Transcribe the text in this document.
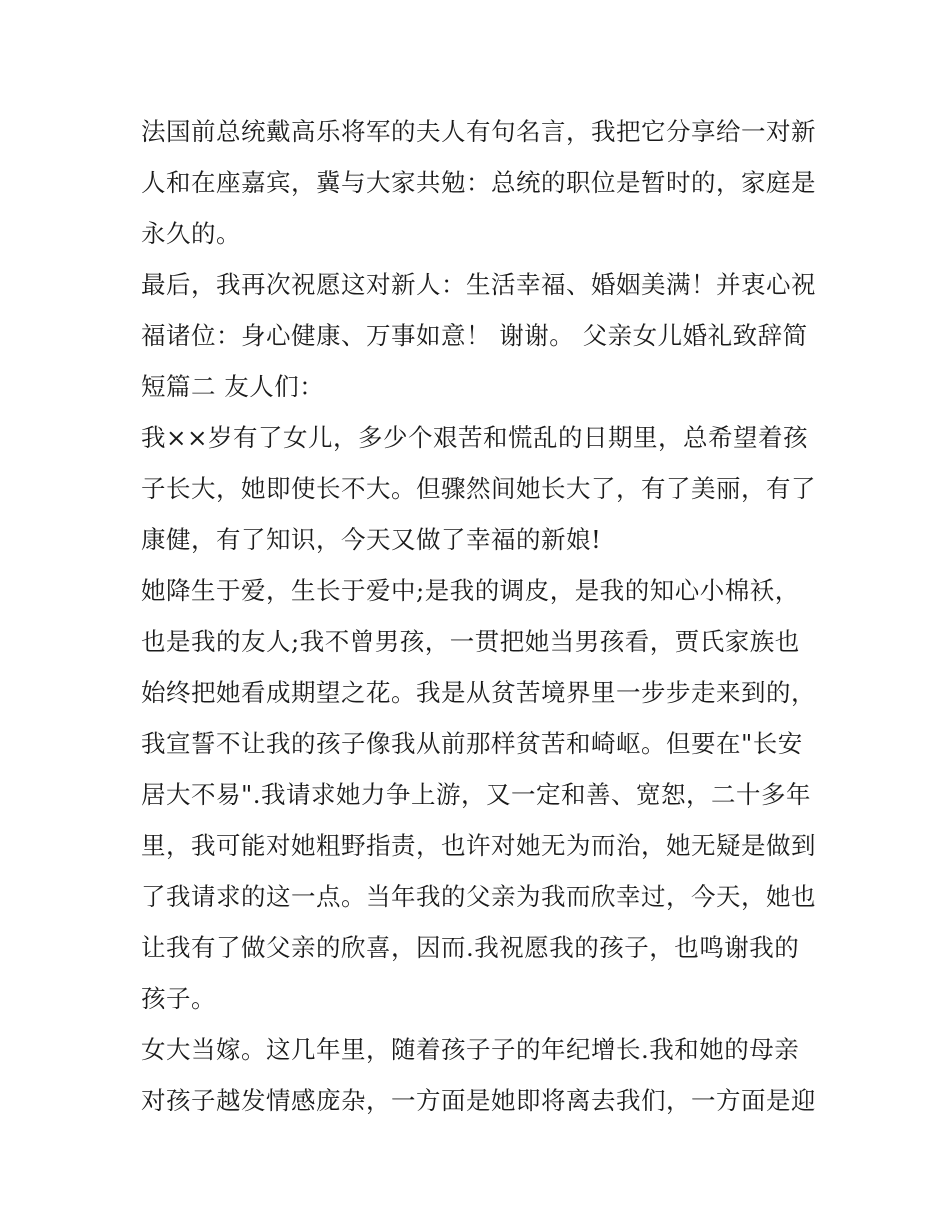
法国前总统戴高乐将军的夫人有句名言，我把它分享给一对新
人和在座嘉宾，冀与大家共勉：总统的职位是暂时的，家庭是
永久的。
最后，我再次祝愿这对新人：生活幸福、婚姻美满！并衷心祝
福诸位：身心健康、万事如意！ 谢谢。 父亲女儿婚礼致辞简
短篇二 友人们：
我××岁有了女儿，多少个艰苦和慌乱的日期里，总希望着孩
子长大，她即使长不大。但骤然间她长大了，有了美丽，有了
康健，有了知识，今天又做了幸福的新娘!
她降生于爱，生长于爱中;是我的调皮，是我的知心小棉袄，
也是我的友人;我不曾男孩，一贯把她当男孩看，贾氏家族也
始终把她看成期望之花。我是从贫苦境界里一步步走来到的，
我宣誓不让我的孩子像我从前那样贫苦和崎岖。但要在"长安
居大不易".我请求她力争上游，又一定和善、宽恕，二十多年
里，我可能对她粗野指责，也许对她无为而治，她无疑是做到
了我请求的这一点。当年我的父亲为我而欣幸过，今天，她也
让我有了做父亲的欣喜，因而.我祝愿我的孩子，也鸣谢我的
孩子。
女大当嫁。这几年里，随着孩子子的年纪增长.我和她的母亲
对孩子越发情感庞杂，一方面是她即将离去我们，一方面是迎
